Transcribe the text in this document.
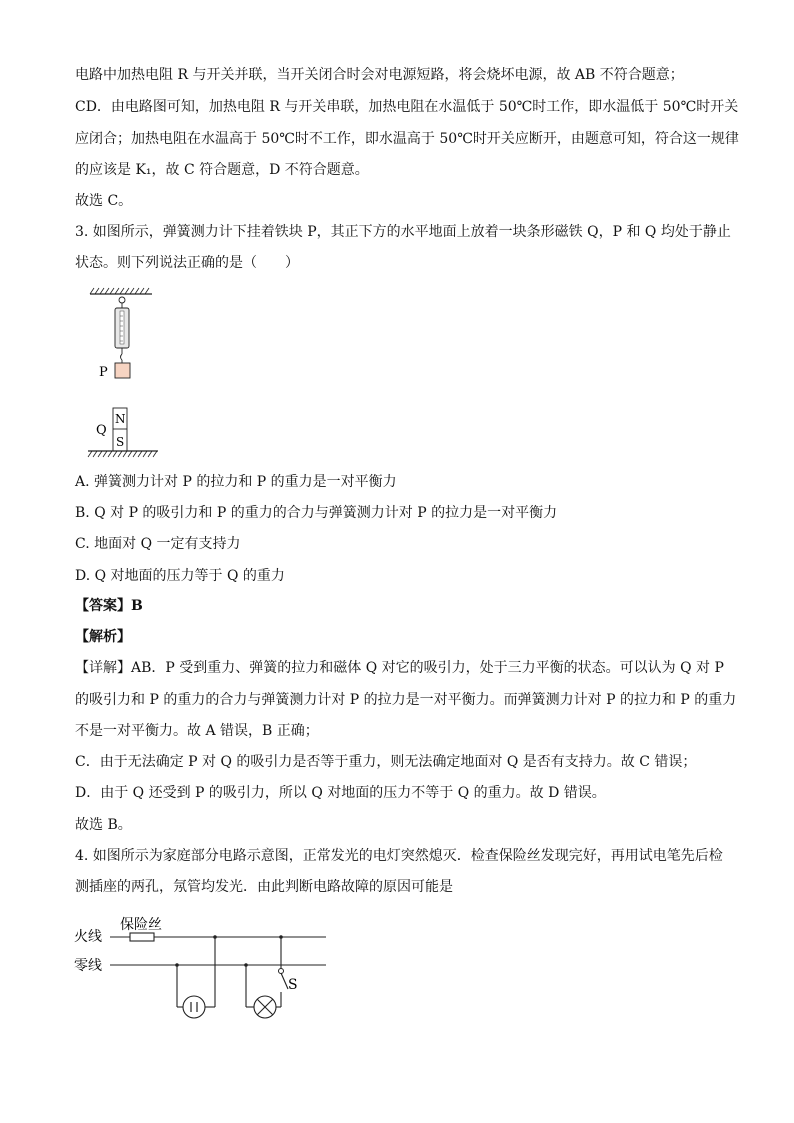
电路中加热电阻 R 与开关并联，当开关闭合时会对电源短路，将会烧坏电源，故 AB 不符合题意；
CD．由电路图可知，加热电阻 R 与开关串联，加热电阻在水温低于 50℃时工作，即水温低于 50℃时开关
应闭合；加热电阻在水温高于 50℃时不工作，即水温高于 50℃时开关应断开，由题意可知，符合这一规律
的应该是 K₁，故 C 符合题意，D 不符合题意。
故选 C。
3. 如图所示，弹簧测力计下挂着铁块 P，其正下方的水平地面上放着一块条形磁铁 Q，P 和 Q 均处于静止
状态。则下列说法正确的是（　　）
P
N
S
Q
A. 弹簧测力计对 P 的拉力和 P 的重力是一对平衡力
B. Q 对 P 的吸引力和 P 的重力的合力与弹簧测力计对 P 的拉力是一对平衡力
C. 地面对 Q 一定有支持力
D. Q 对地面的压力等于 Q 的重力
【答案】B
【解析】
【详解】AB．P 受到重力、弹簧的拉力和磁体 Q 对它的吸引力，处于三力平衡的状态。可以认为 Q 对 P
的吸引力和 P 的重力的合力与弹簧测力计对 P 的拉力是一对平衡力。而弹簧测力计对 P 的拉力和 P 的重力
不是一对平衡力。故 A 错误，B 正确；
C．由于无法确定 P 对 Q 的吸引力是否等于重力，则无法确定地面对 Q 是否有支持力。故 C 错误；
D．由于 Q 还受到 P 的吸引力，所以 Q 对地面的压力不等于 Q 的重力。故 D 错误。
故选 B。
4. 如图所示为家庭部分电路示意图，正常发光的电灯突然熄灭．检查保险丝发现完好，再用试电笔先后检
测插座的两孔，氖管均发光．由此判断电路故障的原因可能是
火线
零线
保险丝
S
